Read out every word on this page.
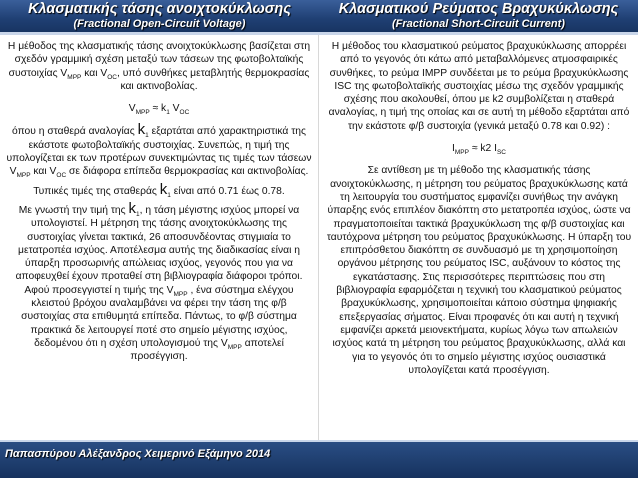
Κλασματικής τάσης ανοιχτοκύκλωσης
(Fractional Open-Circuit Voltage)
Κλασματικού Ρεύματος Βραχυκύκλωσης
(Fractional Short-Circuit Current)

Η μέθοδος της κλασματικής τάσης ανοιχτοκύκλωσης βασίζεται στη σχεδόν γραμμική σχέση μεταξύ των τάσεων της φωτοβολταϊκής συστοιχίας $V_{MPP}$ και $V_{OC}$, υπό συνθήκες μεταβλητής θερμοκρασίας και ακτινοβολίας.

$V_{MPP} \approx k_1$ $V_{OC}$

όπου η σταθερά αναλογίας $k_1$ εξαρτάται από χαρακτηριστικά της εκάστοτε φωτοβολταϊκής συστοιχίας. Συνεπώς, η τιμή της υπολογίζεται εκ των προτέρων συνεκτιμώντας τις τιμές των τάσεων $V_{MPP}$ και $V_{OC}$ σε διάφορα επίπεδα θερμοκρασίας και ακτινοβολίας.

Τυπικές τιμές της σταθεράς $k_1$ είναι από 0.71 έως 0.78.

Με γνωστή την τιμή της $k_1$, η τάση μέγιστης ισχύος μπορεί να υπολογιστεί. Η μέτρηση της τάσης ανοιχτοκύκλωσης της συστοιχίας γίνεται τακτικά, 26 αποσυνδέοντας στιγμιαία το μετατροπέα ισχύος. Αποτέλεσμα αυτής της διαδικασίας είναι η ύπαρξη προσωρινής απώλειας ισχύος, γεγονός που για να αποφευχθεί έχουν προταθεί στη βιβλιογραφία διάφοροι τρόποι. Αφού προσεγγιστεί η τιμής της $V_{MPP}$ , ένα σύστημα ελέγχου κλειστού βρόχου αναλαμβάνει να φέρει την τάση της φ/β συστοιχίας στα επιθυμητά επίπεδα. Πάντως, το φ/β σύστημα πρακτικά δε λειτουργεί ποτέ στο σημείο μέγιστης ισχύος, δεδομένου ότι η σχέση υπολογισμού της $V_{MPP}$ αποτελεί προσέγγιση.

Η μέθοδος του κλασματικού ρεύματος βραχυκύκλωσης απορρέει από το γεγονός ότι κάτω από μεταβαλλόμενες ατμοσφαιρικές συνθήκες, το ρεύμα IMPP συνδέεται με το ρεύμα βραχυκύκλωσης ISC της φωτοβολταϊκής συστοιχίας μέσω της σχεδόν γραμμικής σχέσης που ακολουθεί, όπου με k2 συμβολίζεται η σταθερά αναλογίας, η τιμή της οποίας και σε αυτή τη μέθοδο εξαρτάται από την εκάστοτε φ/β συστοιχία (γενικά μεταξύ 0.78 και 0.92) :

$I_{MPP} \approx k2$ $I_{SC}$

Σε αντίθεση με τη μέθοδο της κλασματικής τάσης ανοιχτοκύκλωσης, η μέτρηση του ρεύματος βραχυκύκλωσης κατά τη λειτουργία του συστήματος εμφανίζει συνήθως την ανάγκη ύπαρξης ενός επιπλέον διακόπτη στο μετατροπέα ισχύος, ώστε να πραγματοποιείται τακτικά βραχυκύκλωση της φ/β συστοιχίας και ταυτόχρονα μέτρηση του ρεύματος βραχυκύκλωσης. Η ύπαρξη του επιπρόσθετου διακόπτη σε συνδυασμό με τη χρησιμοποίηση οργάνου μέτρησης του ρεύματος ISC, αυξάνουν το κόστος της εγκατάστασης. Στις περισσότερες περιπτώσεις που στη βιβλιογραφία εφαρμόζεται η τεχνική του κλασματικού ρεύματος βραχυκύκλωσης, χρησιμοποιείται κάποιο σύστημα ψηφιακής επεξεργασίας σήματος. Είναι προφανές ότι και αυτή η τεχνική εμφανίζει αρκετά μειονεκτήματα, κυρίως λόγω των απωλειών ισχύος κατά τη μέτρηση του ρεύματος βραχυκύκλωσης, αλλά και για το γεγονός ότι το σημείο μέγιστης ισχύος ουσιαστικά υπολογίζεται κατά προσέγγιση.

Παπασπύρου Αλέξανδρος Χειμερινό Εξάμηνο 2014
